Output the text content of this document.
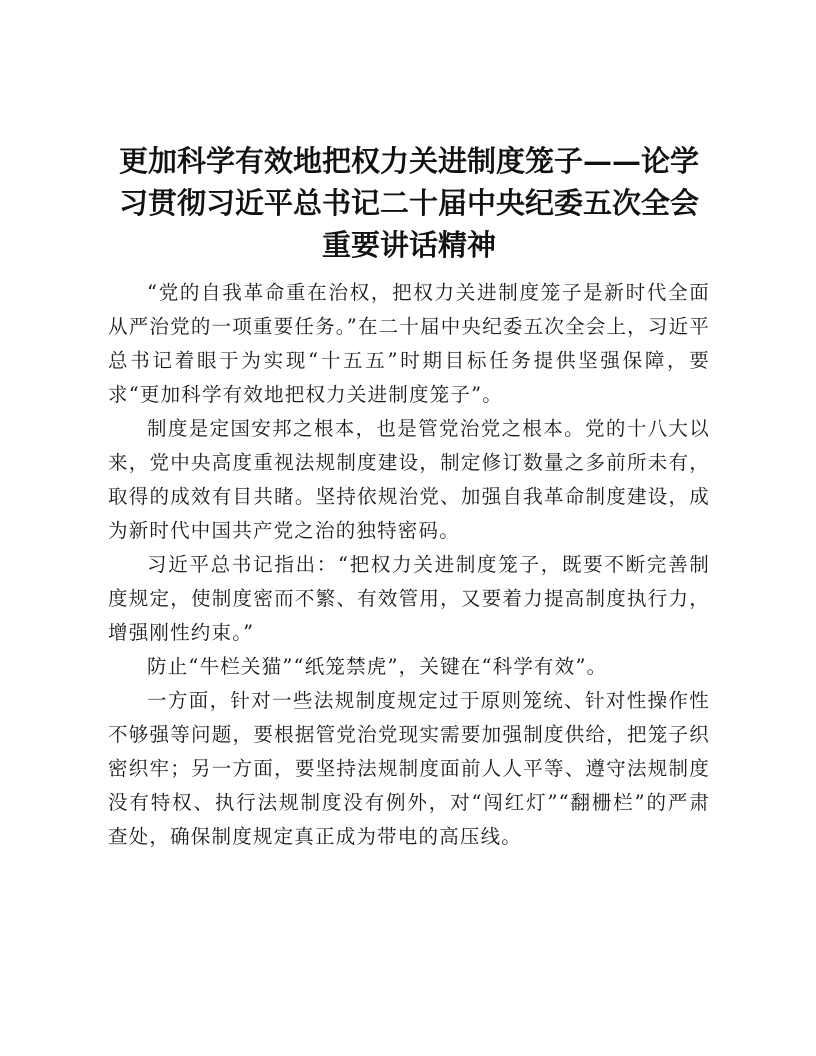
更加科学有效地把权力关进制度笼子——论学习贯彻习近平总书记二十届中央纪委五次全会重要讲话精神

“党的自我革命重在治权，把权力关进制度笼子是新时代全面从严治党的一项重要任务。”在二十届中央纪委五次全会上，习近平总书记着眼于为实现“十五五”时期目标任务提供坚强保障，要求“更加科学有效地把权力关进制度笼子”。

制度是定国安邦之根本，也是管党治党之根本。党的十八大以来，党中央高度重视法规制度建设，制定修订数量之多前所未有，取得的成效有目共睹。坚持依规治党、加强自我革命制度建设，成为新时代中国共产党之治的独特密码。

习近平总书记指出：“把权力关进制度笼子，既要不断完善制度规定，使制度密而不繁、有效管用，又要着力提高制度执行力，增强刚性约束。”

防止“牛栏关猫”“纸笼禁虎”，关键在“科学有效”。

一方面，针对一些法规制度规定过于原则笼统、针对性操作性不够强等问题，要根据管党治党现实需要加强制度供给，把笼子织密织牢；另一方面，要坚持法规制度面前人人平等、遵守法规制度没有特权、执行法规制度没有例外，对“闯红灯”“翻栅栏”的严肃查处，确保制度规定真正成为带电的高压线。
